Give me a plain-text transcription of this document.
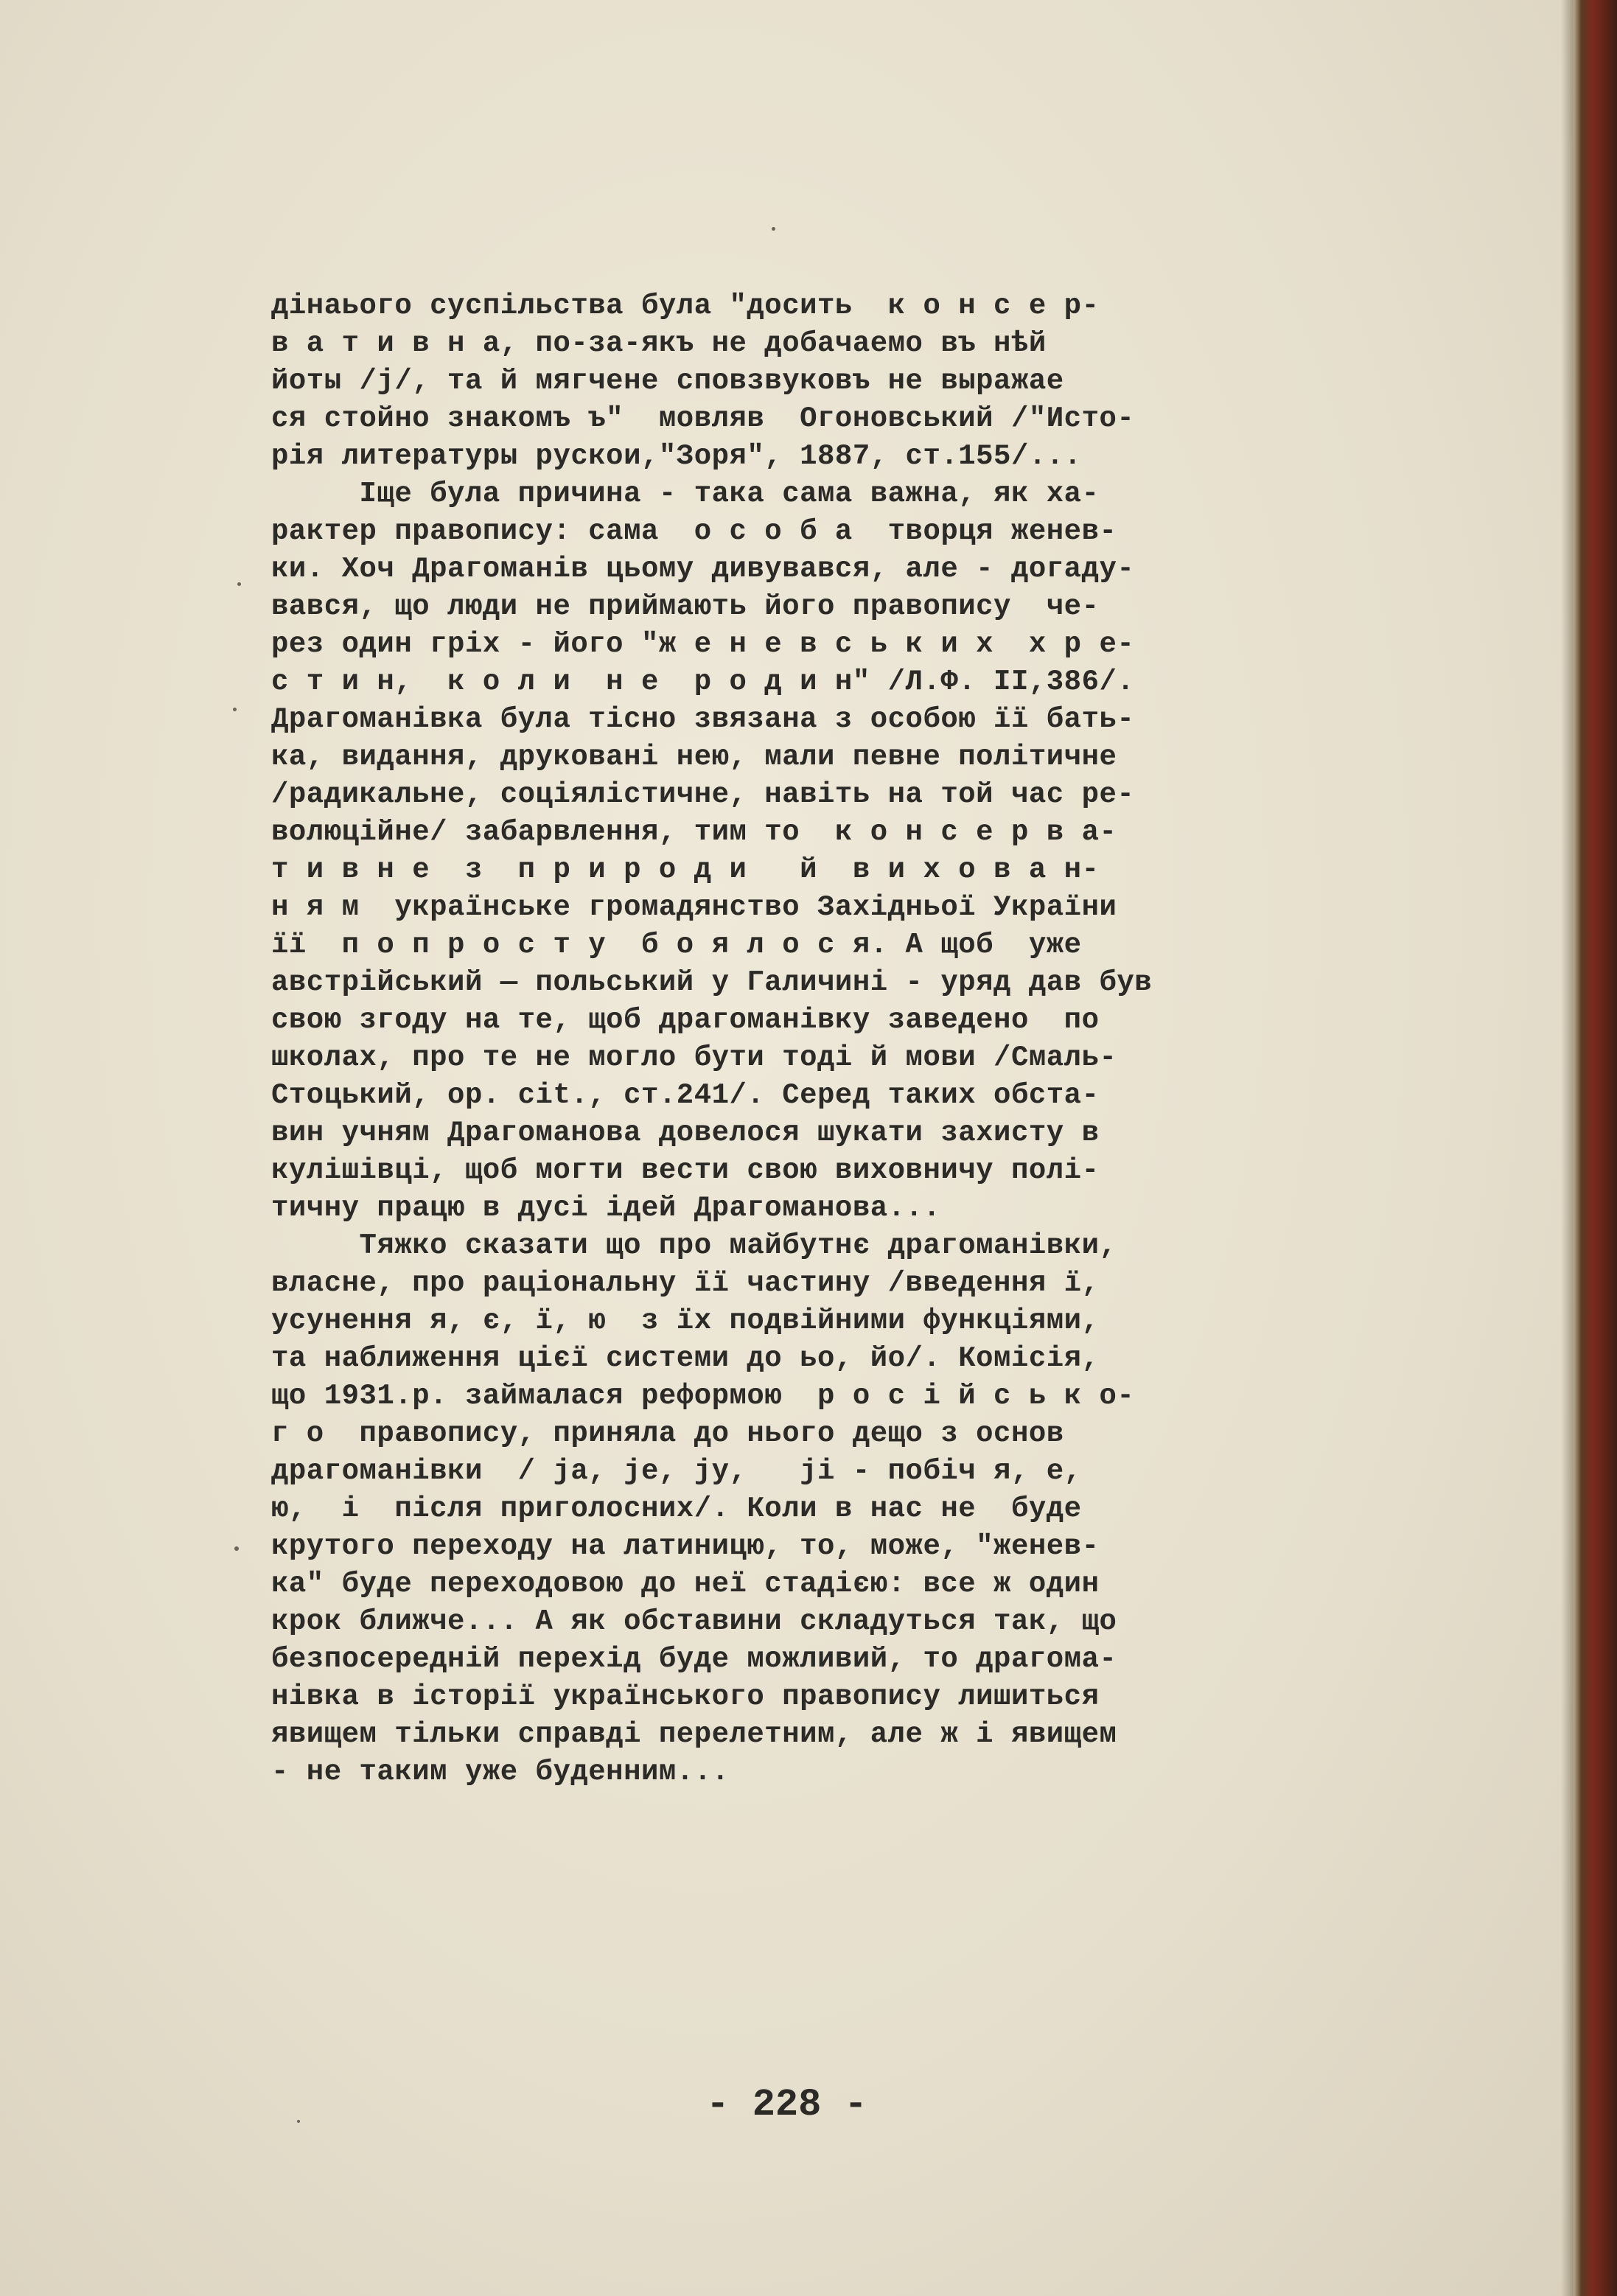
дінаього суспільства була "досить  к о н с е р-
в а т и в н а, по-за-якъ не добачаемо въ нѣй
йоты /ј/, та й мягчене сповзвуковъ не выражае
ся стойно знакомъ ъ"  мовляв  Огоновський /"Исто-
рія литературы рускои,"Зоря", 1887, ст.155/...
Іще була причина - така сама важна, як ха-
рактер правопису: сама  о с о б а  творця женев-
ки. Хоч Драгоманів цьому дивувався, але - догаду-
вався, що люди не приймають його правопису  че-
рез один гріх - його "ж е н е в с ь к и х  х р е-
с т и н,  к о л и  н е  р о д и н" /Л.Ф. II,386/.
Драгоманівка була тісно звязана з особою її бать-
ка, видання, друковані нею, мали певне політичне
/радикальне, соціялістичне, навіть на той час ре-
волюційне/ забарвлення, тим то  к о н с е р в а-
т и в н е  з  п р и р о д и   й  в и х о в а н-
н я м  українське громадянство Західньої України
її  п о п р о с т у  б о я л о с я. А щоб  уже
австрійський — польський у Галичині - уряд дав був
свою згоду на те, щоб драгоманівку заведено  по
школах, про те не могло бути тоді й мови /Смаль-
Стоцький, op. cit., ст.241/. Серед таких обста-
вин учням Драгоманова довелося шукати захисту в
кулішівці, щоб могти вести свою виховничу полі-
тичну працю в дусі ідей Драгоманова...
Тяжко сказати що про майбутнє драгоманівки,
власне, про раціональну її частину /введення ї,
усунення я, є, ї, ю  з їх подвійними функціями,
та наближення цієї системи до ьо, йо/. Комісія,
що 1931.р. займалася реформою  р о с і й с ь к о-
г о  правопису, приняла до нього дещо з основ
драгоманівки  / ја, је, ју,   јі - побіч я, е,
ю,  і  після приголосних/. Коли в нас не  буде
крутого переходу на латиницю, то, може, "женев-
ка" буде переходовою до неї стадією: все ж один
крок ближче... А як обставини складуться так, що
безпосередній перехід буде можливий, то драгома-
нівка в історії українського правопису лишиться
явищем тільки справді перелетним, але ж і явищем
- не таким уже буденним...
- 228 -
